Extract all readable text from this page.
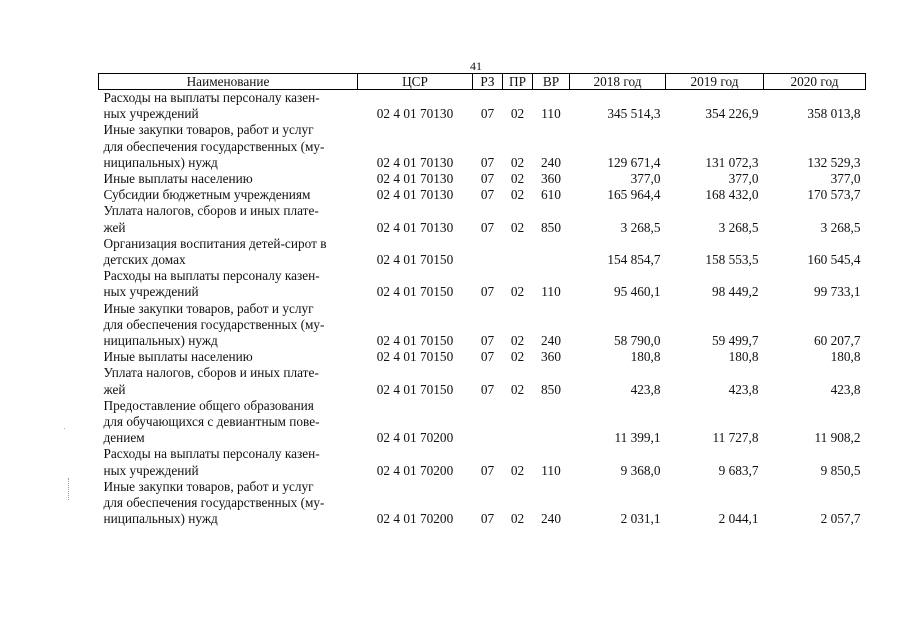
41
Наименование	ЦСР	РЗ	ПР	ВР	2018 год	2019 год	2020 год

Расходы на выплаты персоналу казен-
ных учреждений	02 4 01 70130	07	02	110	345 514,3	354 226,9	358 013,8

Иные закупки товаров, работ и услуг
для обеспечения государственных (му-
ниципальных) нужд	02 4 01 70130	07	02	240	129 671,4	131 072,3	132 529,3

Иные выплаты населению	02 4 01 70130	07	02	360	377,0	377,0	377,0

Субсидии бюджетным учреждениям	02 4 01 70130	07	02	610	165 964,4	168 432,0	170 573,7

Уплата налогов, сборов и иных плате-
жей	02 4 01 70130	07	02	850	3 268,5	3 268,5	3 268,5

Организация воспитания детей-сирот в
детских домах	02 4 01 70150				154 854,7	158 553,5	160 545,4

Расходы на выплаты персоналу казен-
ных учреждений	02 4 01 70150	07	02	110	95 460,1	98 449,2	99 733,1

Иные закупки товаров, работ и услуг
для обеспечения государственных (му-
ниципальных) нужд	02 4 01 70150	07	02	240	58 790,0	59 499,7	60 207,7

Иные выплаты населению	02 4 01 70150	07	02	360	180,8	180,8	180,8

Уплата налогов, сборов и иных плате-
жей	02 4 01 70150	07	02	850	423,8	423,8	423,8

Предоставление общего образования
для обучающихся с девиантным пове-
дением	02 4 01 70200				11 399,1	11 727,8	11 908,2

Расходы на выплаты персоналу казен-
ных учреждений	02 4 01 70200	07	02	110	9 368,0	9 683,7	9 850,5

Иные закупки товаров, работ и услуг
для обеспечения государственных (му-
ниципальных) нужд	02 4 01 70200	07	02	240	2 031,1	2 044,1	2 057,7
